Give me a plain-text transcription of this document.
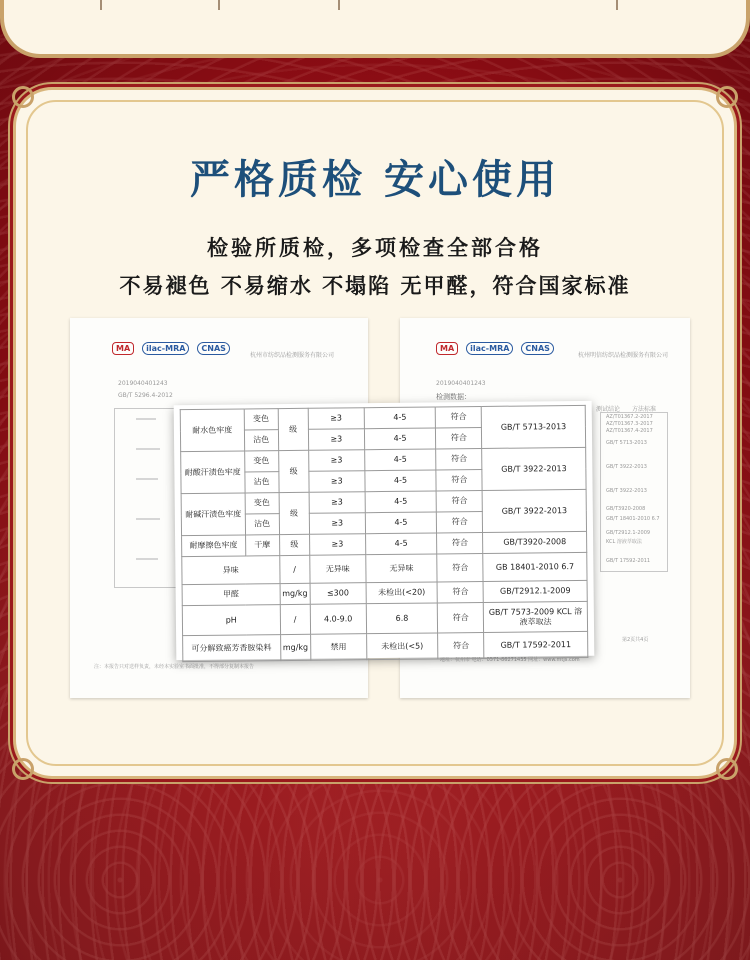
严格质检 安心使用
检验所质检，多项检查全部合格
不易褪色 不易缩水 不塌陷 无甲醛，符合国家标准
MA	ilac-MRA	CNAS
杭州市纺织品检测服务有限公司
2019040401243
GB/T 5296.4-2012
注：本报告只对送样负责，未经本实验室书面批准，不得部分复制本报告
MA	ilac-MRA	CNAS
杭州明信纺织品检测服务有限公司
2019040401243
检测数据：
测试结论 方法标准
AZ/T01367.2-2017
AZ/T01367.3-2017
AZ/T01367.4-2017
GB/T 5713-2013
GB/T 3922-2013
GB/T 3922-2013
GB/T3920-2008
GB/T 18401-2010 6.7
GB/T2912.1-2009
KCL 溶液萃取法
GB/T 17592-2011
第2页共4页
地址：杭州市 电话：0571-86271435 网址：www.mtjs.com
耐水色牢度	变色	级	≥3	4-5	符合	GB/T 5713-2013
	沾色		≥3	4-5	符合	
耐酸汗渍色牢度	变色	级	≥3	4-5	符合	GB/T 3922-2013
	沾色		≥3	4-5	符合	
耐碱汗渍色牢度	变色	级	≥3	4-5	符合	GB/T 3922-2013
	沾色		≥3	4-5	符合	
耐摩擦色牢度	干摩	级	≥3	4-5	符合	GB/T3920-2008
异味		/	无异味	无异味	符合	GB 18401-2010 6.7
甲醛		mg/kg	≤300	未检出(<20)	符合	GB/T2912.1-2009
pH		/	4.0-9.0	6.8	符合	GB/T 7573-2009 KCL 溶液萃取法
可分解致癌芳香胺染料		mg/kg	禁用	未检出(<5)	符合	GB/T 17592-2011
